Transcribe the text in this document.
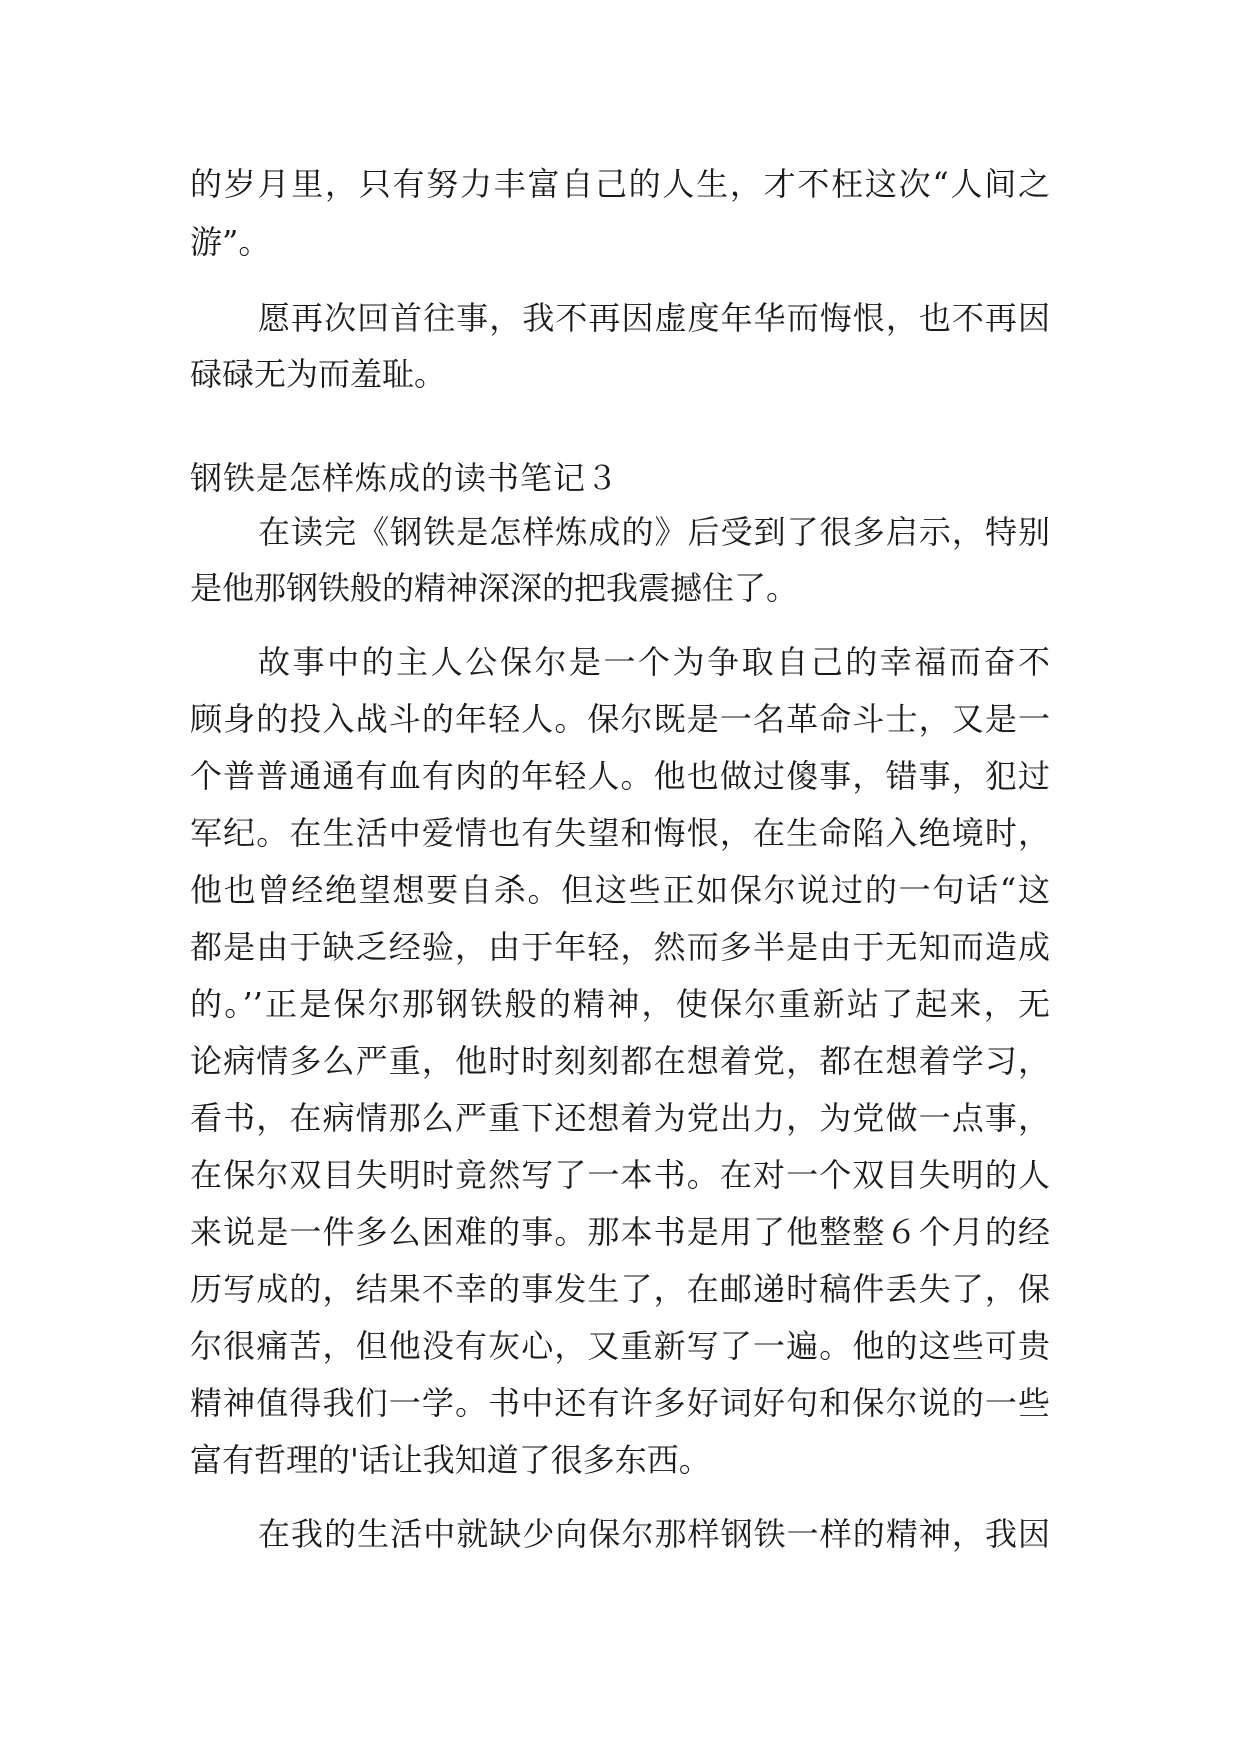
的岁月里，只有努力丰富自己的人生，才不枉这次“人间之
游”。
愿再次回首往事，我不再因虚度年华而悔恨，也不再因
碌碌无为而羞耻。
钢铁是怎样炼成的读书笔记３
在读完《钢铁是怎样炼成的》后受到了很多启示，特别
是他那钢铁般的精神深深的把我震撼住了。
故事中的主人公保尔是一个为争取自己的幸福而奋不
顾身的投入战斗的年轻人。保尔既是一名革命斗士，又是一
个普普通通有血有肉的年轻人。他也做过傻事，错事，犯过
军纪。在生活中爱情也有失望和悔恨，在生命陷入绝境时，
他也曾经绝望想要自杀。但这些正如保尔说过的一句话“这
都是由于缺乏经验，由于年轻，然而多半是由于无知而造成
的。’’正是保尔那钢铁般的精神，使保尔重新站了起来，无
论病情多么严重，他时时刻刻都在想着党，都在想着学习，
看书，在病情那么严重下还想着为党出力，为党做一点事，
在保尔双目失明时竟然写了一本书。在对一个双目失明的人
来说是一件多么困难的事。那本书是用了他整整６个月的经
历写成的，结果不幸的事发生了，在邮递时稿件丢失了，保
尔很痛苦，但他没有灰心，又重新写了一遍。他的这些可贵
精神值得我们一学。书中还有许多好词好句和保尔说的一些
富有哲理的'话让我知道了很多东西。
在我的生活中就缺少向保尔那样钢铁一样的精神，我因
